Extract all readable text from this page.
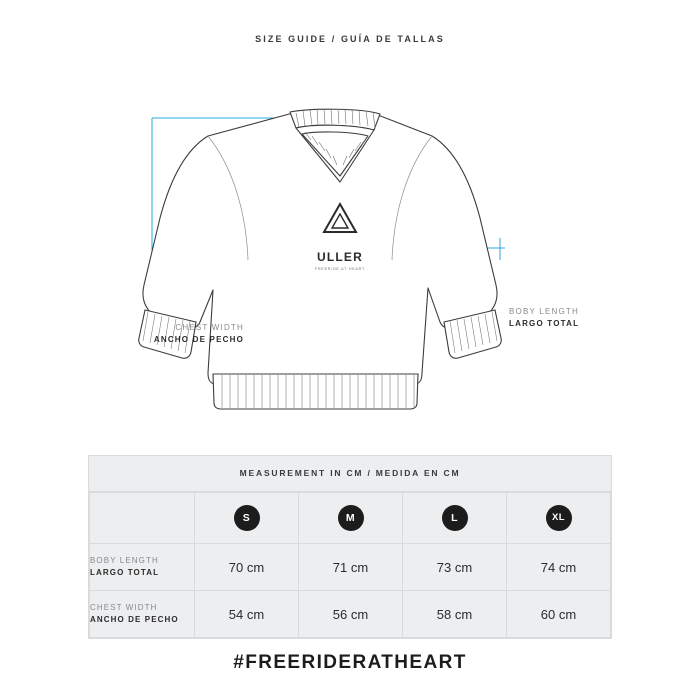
SIZE GUIDE / GUÍA DE TALLAS
ULLER
FREERIDE AT HEART
CHEST WIDTH
ANCHO DE PECHO
BOBY LENGTH
LARGO TOTAL
MEASUREMENT IN CM / MEDIDA EN CM
	S	M	L	XL

BOBY LENGTH
LARGO TOTAL	70 cm	71 cm	73 cm	74 cm

CHEST WIDTH
ANCHO DE PECHO	54 cm	56 cm	58 cm	60 cm
#FREERIDERATHEART
